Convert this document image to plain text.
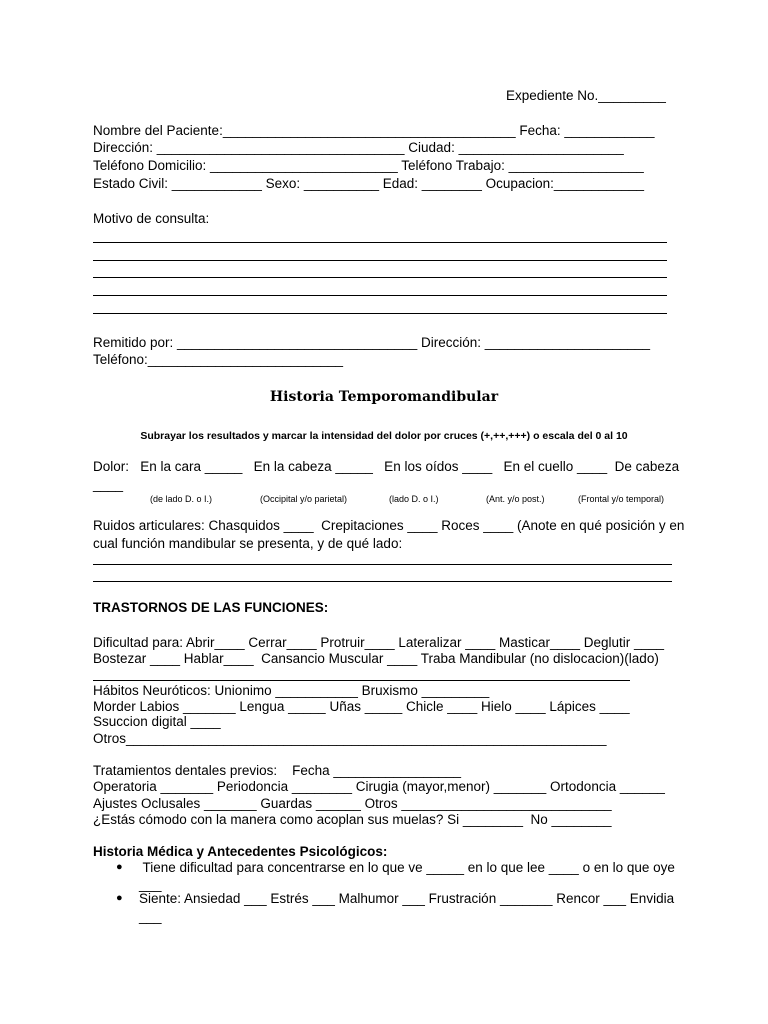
Expediente No._________
Nombre del Paciente:_______________________________________ Fecha: ____________
Dirección: _________________________________ Ciudad: ______________________
Teléfono Domicilio: _________________________ Teléfono Trabajo: __________________
Estado Civil: ____________ Sexo: __________ Edad: ________ Ocupacion:____________
Motivo de consulta:
Remitido por: ________________________________ Dirección: ______________________
Teléfono:__________________________
Historia Temporomandibular
Subrayar los resultados y marcar la intensidad del dolor por cruces (+,++,+++) o escala del 0 al 10
Dolor:   En la cara _____   En la cabeza _____   En los oídos ____   En el cuello ____  De cabeza
____
(de lado D. o I.)	(Occipital y/o parietal)	(lado D. o I.)	(Ant. y/o post.)	(Frontal y/o temporal)
Ruidos articulares: Chasquidos ____  Crepitaciones ____ Roces ____ (Anote en qué posición y en
cual función mandibular se presenta, y de qué lado:
TRASTORNOS DE LAS FUNCIONES:
Dificultad para: Abrir____ Cerrar____ Protruir____ Lateralizar ____ Masticar____ Deglutir ____
Bostezar ____ Hablar____  Cansancio Muscular ____ Traba Mandibular (no dislocacion)(lado)
Hábitos Neuróticos: Unionimo ___________ Bruxismo _________
Morder Labios _______ Lengua _____ Uñas _____ Chicle ____ Hielo ____ Lápices ____
Ssuccion digital ____
Otros________________________________________________________________
Tratamientos dentales previos:    Fecha _________________
Operatoria _______ Periodoncia ________ Cirugia (mayor,menor) _______ Ortodoncia ______
Ajustes Oclusales _______ Guardas ______ Otros ____________________________
¿Estás cómodo con la manera como acoplan sus muelas? Si ________  No ________
Historia Médica y Antecedentes Psicológicos:
● Tiene dificultad para concentrarse en lo que ve _____ en lo que lee ____ o en lo que oye
___
● Siente: Ansiedad ___ Estrés ___ Malhumor ___ Frustración _______ Rencor ___ Envidia
___
